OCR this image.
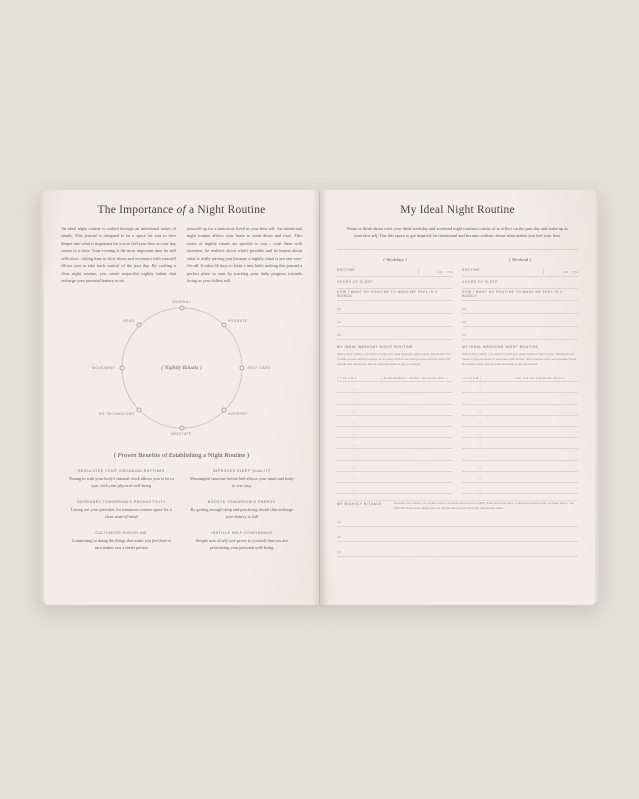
The Importance of a Night Routine
An ideal night routine is crafted through an intentional series of rituals. This journal is designed to be a space for you to dive deeper into what is important for you to feel your best as your day comes to a close. Your evening is the most important time for self reflection – taking time to slow down and reconnect with yourself allows you to take back control of the past day. By crafting a clear night routine, you create impactful nightly habits that recharge your personal battery to set
yourself up for a tomorrow lived as your best self. An intentional night routine allows your brain to wind down and reset. This series of nightly rituals are specific to you – craft them with intention, be realistic about what's possible and be honest about what is really serving you because a nightly ritual is not one-size-fits-all. It takes 66 days to form a new habit making this journal a perfect place to start by tracking your daily progress towards living as your fullest self.
( Nightly Rituals )
JOURNAL
HYDRATE
SELF CARE
NOURISH
MEDITATE
NO TECHNOLOGY
MOVEMENT
READ
( Proven Benefits of Establishing a Night Routine )
REGULATES YOUR CIRCADIAN RHYTHMS
Tuning in with your body's internal clock allows you to be in sync with your physical well-being
IMPROVES SLEEP QUALITY
Meaningful structure before bed allows your mind and body to rest easy
INCREASES TOMORROW'S PRODUCTIVITY
Listing out your priorities for tomorrow creates space for a clear state-of-mind
BOOSTS TOMORROW'S ENERGY
By getting enough sleep and practicing rituals that recharge your battery to full
CULTIVATES DISCIPLINE
Committing to doing the things that make you feel best in turn makes you a better person
INSTILLS SELF-CONFIDENCE
Simple acts of self care prove to yourself that you are prioritizing your personal well-being
My Ideal Night Routine
Pause to think about what your ideal weekday and weekend night routines consist of to reflect on the past day and wake up as your best self. Use this space to get inspired, be intentional and become realistic about what makes you feel your best.
( Weekdays )
BEDTIME	AM / PM
HOURS OF SLEEP
HOW I WANT MY ROUTINE TO MAKE ME FEEL IN 3 WORDS
01
02
03
MY IDEAL WEEKDAY NIGHT ROUTINE
Write a time marker + an action to craft your ideal weekday night routine. Remember this is what you are striving towards, so it's okay if this is not what you are currently doing. Be specific and intentional. See an example below to get you started.
( 7:00 PM )	( DISCONNECT FROM TECHNOLOGY )
( )
( )
( )
( )
( )
( )
( )
( )
( )
( )
( Weekend )
BEDTIME	AM / PM
HOURS OF SLEEP
HOW I WANT MY ROUTINE TO MAKE ME FEEL IN 3 WORDS
01
02
03
MY IDEAL WEEKEND NIGHT ROUTINE
Write a time marker + an action to craft your ideal weekend night routine. Weekends are meant to give us space to reconnect and recover. Give yourself more rest and take things at a slower pace. See an example below to get you started.
( 5:00 PM )	( GO ON AN EVENING WALK )
( )
( )
( )
( )
( )
( )
( )
( )
( )
( )
MY NIGHTLY RITUALS	Consider the routines you created above and determine which 3 nightly rituals are essential to evoking the feelings that you listed above. You will track these three rituals over the next 66 days to turn them into new formed habits.
01
02
03
